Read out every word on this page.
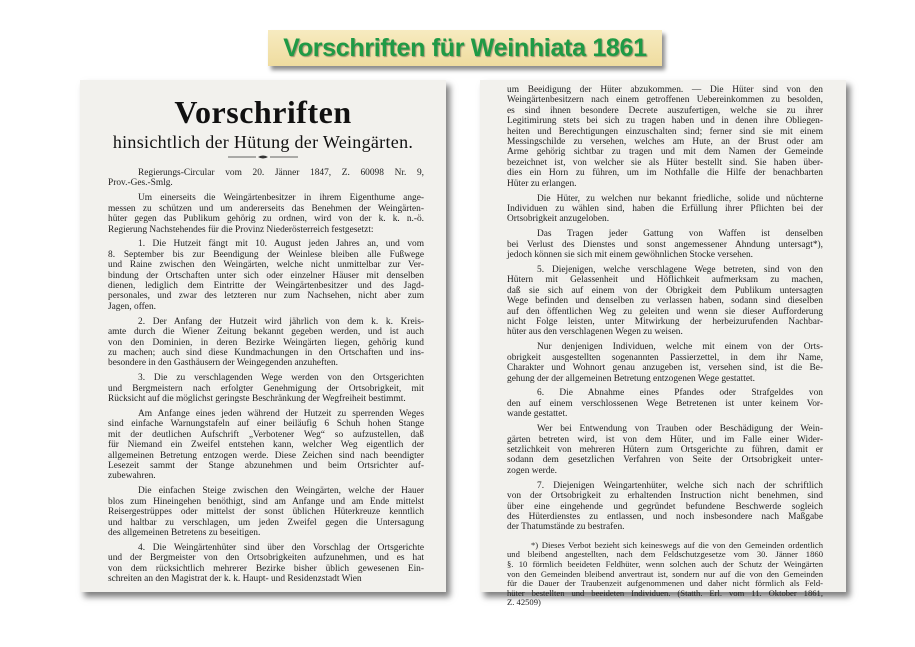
Vorschriften für Weinhiata 1861
Vorschriften
hinsichtlich der Hütung der Weingärten.
Regierungs-Circular vom 20. Jänner 1847, Z. 60098 Nr. 9,
Prov.-Ges.-Smlg.
Um einerseits die Weingärtenbesitzer in ihrem Eigenthume ange-
messen zu schützen und um andererseits das Benehmen der Weingärten-
hüter gegen das Publikum gehörig zu ordnen, wird von der k. k. n.-ö.
Regierung Nachstehendes für die Provinz Niederösterreich festgesetzt:
1. Die Hutzeit fängt mit 10. August jeden Jahres an, und vom
8. September bis zur Beendigung der Weinlese bleiben alle Fußwege
und Raine zwischen den Weingärten, welche nicht unmittelbar zur Ver-
bindung der Ortschaften unter sich oder einzelner Häuser mit denselben
dienen, lediglich dem Eintritte der Weingärtenbesitzer und des Jagd-
personales, und zwar des letzteren nur zum Nachsehen, nicht aber zum
Jagen, offen.
2. Der Anfang der Hutzeit wird jährlich von dem k. k. Kreis-
amte durch die Wiener Zeitung bekannt gegeben werden, und ist auch
von den Dominien, in deren Bezirke Weingärten liegen, gehörig kund
zu machen; auch sind diese Kundmachungen in den Ortschaften und ins-
besondere in den Gasthäusern der Weingegenden anzuheften.
3. Die zu verschlagenden Wege werden von den Ortsgerichten
und Bergmeistern nach erfolgter Genehmigung der Ortsobrigkeit, mit
Rücksicht auf die möglichst geringste Beschränkung der Wegfreiheit bestimmt.
Am Anfange eines jeden während der Hutzeit zu sperrenden Weges
sind einfache Warnungstafeln auf einer beiläufig 6 Schuh hohen Stange
mit der deutlichen Aufschrift „Verbotener Weg“ so aufzustellen, daß
für Niemand ein Zweifel entstehen kann, welcher Weg eigentlich der
allgemeinen Betretung entzogen werde. Diese Zeichen sind nach beendigter
Lesezeit sammt der Stange abzunehmen und beim Ortsrichter auf-
zubewahren.
Die einfachen Steige zwischen den Weingärten, welche der Hauer
blos zum Hineingehen benöthigt, sind am Anfange und am Ende mittelst
Reisergestrüppes oder mittelst der sonst üblichen Hüterkreuze kenntlich
und haltbar zu verschlagen, um jeden Zweifel gegen die Untersagung
des allgemeinen Betretens zu beseitigen.
4. Die Weingärtenhüter sind über den Vorschlag der Ortsgerichte
und der Bergmeister von den Ortsobrigkeiten aufzunehmen, und es hat
von dem rücksichtlich mehrerer Bezirke bisher üblich gewesenen Ein-
schreiten an den Magistrat der k. k. Haupt- und Residenzstadt Wien
um Beeidigung der Hüter abzukommen. — Die Hüter sind von den
Weingärtenbesitzern nach einem getroffenen Uebereinkommen zu besolden,
es sind ihnen besondere Decrete auszufertigen, welche sie zu ihrer
Legitimirung stets bei sich zu tragen haben und in denen ihre Obliegen-
heiten und Berechtigungen einzuschalten sind; ferner sind sie mit einem
Messingschilde zu versehen, welches am Hute, an der Brust oder am
Arme gehörig sichtbar zu tragen und mit dem Namen der Gemeinde
bezeichnet ist, von welcher sie als Hüter bestellt sind. Sie haben über-
dies ein Horn zu führen, um im Nothfalle die Hilfe der benachbarten
Hüter zu erlangen.
Die Hüter, zu welchen nur bekannt friedliche, solide und nüchterne
Individuen zu wählen sind, haben die Erfüllung ihrer Pflichten bei der
Ortsobrigkeit anzugeloben.
Das Tragen jeder Gattung von Waffen ist denselben
bei Verlust des Dienstes und sonst angemessener Ahndung untersagt*),
jedoch können sie sich mit einem gewöhnlichen Stocke versehen.
5. Diejenigen, welche verschlagene Wege betreten, sind von den
Hütern mit Gelassenheit und Höflichkeit aufmerksam zu machen,
daß sie sich auf einem von der Obrigkeit dem Publikum untersagten
Wege befinden und denselben zu verlassen haben, sodann sind dieselben
auf den öffentlichen Weg zu geleiten und wenn sie dieser Aufforderung
nicht Folge leisten, unter Mitwirkung der herbeizurufenden Nachbar-
hüter aus den verschlagenen Wegen zu weisen.
Nur denjenigen Individuen, welche mit einem von der Orts-
obrigkeit ausgestellten sogenannten Passierzettel, in dem ihr Name,
Charakter und Wohnort genau anzugeben ist, versehen sind, ist die Be-
gehung der der allgemeinen Betretung entzogenen Wege gestattet.
6. Die Abnahme eines Pfandes oder Strafgeldes von
den auf einem verschlossenen Wege Betretenen ist unter keinem Vor-
wande gestattet.
Wer bei Entwendung von Trauben oder Beschädigung der Wein-
gärten betreten wird, ist von dem Hüter, und im Falle einer Wider-
setzlichkeit von mehreren Hütern zum Ortsgerichte zu führen, damit er
sodann dem gesetzlichen Verfahren von Seite der Ortsobrigkeit unter-
zogen werde.
7. Diejenigen Weingartenhüter, welche sich nach der schriftlich
von der Ortsobrigkeit zu erhaltenden Instruction nicht benehmen, sind
über eine eingehende und gegründet befundene Beschwerde sogleich
des Hüterdienstes zu entlassen, und noch insbesondere nach Maßgabe
der Thatumstände zu bestrafen.
*) Dieses Verbot bezieht sich keineswegs auf die von den Gemeinden ordentlich
und bleibend angestellten, nach dem Feldschutzgesetze vom 30. Jänner 1860
§. 10 förmlich beeideten Feldhüter, wenn solchen auch der Schutz der Weingärten
von den Gemeinden bleibend anvertraut ist, sondern nur auf die von den Gemeinden
für die Dauer der Traubenzeit aufgenommenen und daher nicht förmlich als Feld-
hüter bestellten und beeideten Individuen. (Statth. Erl. vom 11. Oktober 1861,
Z. 42509)
